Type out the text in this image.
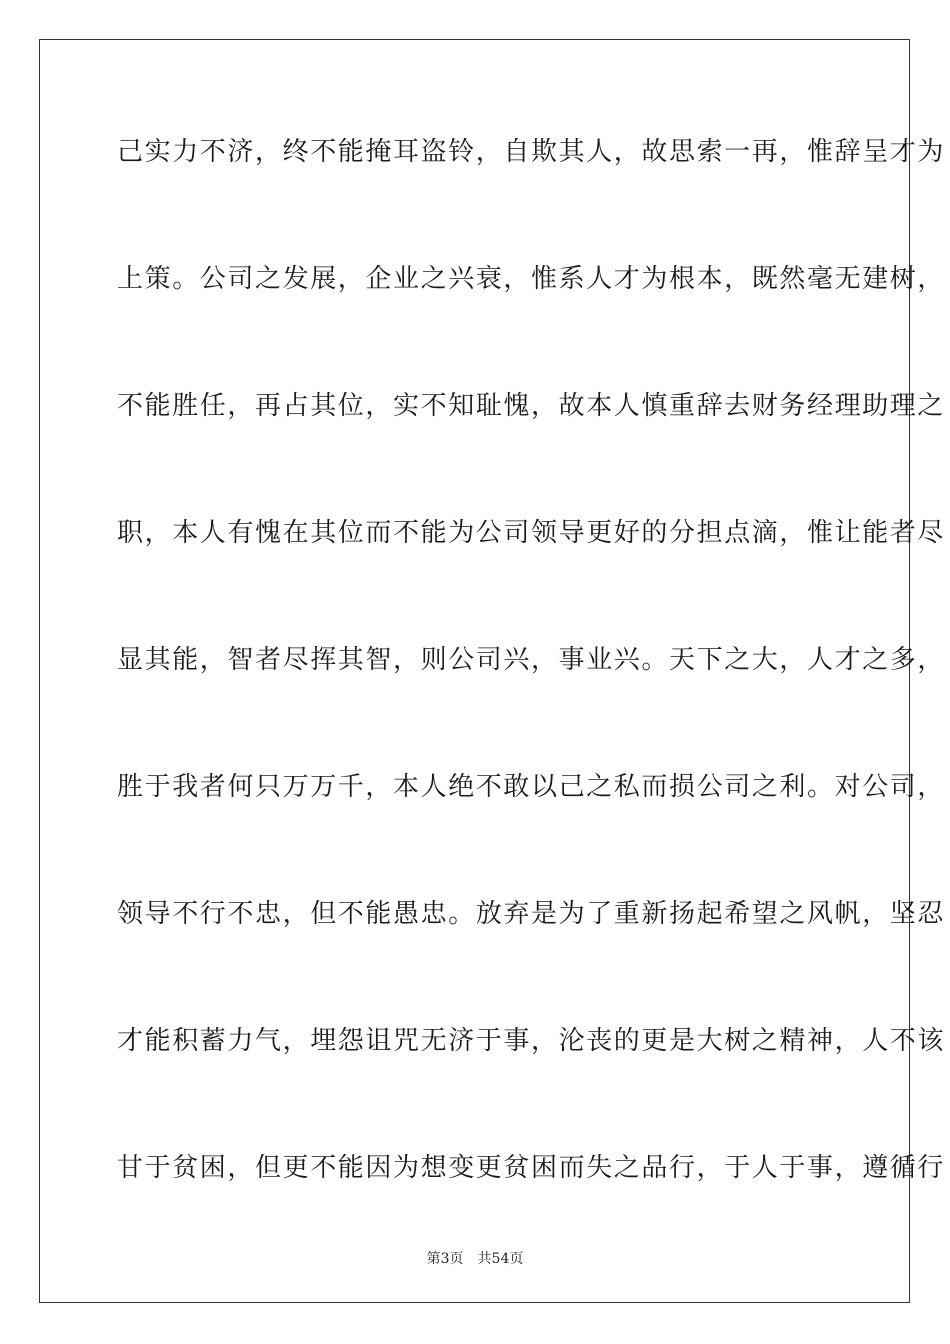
己实力不济，终不能掩耳盗铃，自欺其人，故思索一再，惟辞呈才为
上策。公司之发展，企业之兴衰，惟系人才为根本，既然毫无建树，
不能胜任，再占其位，实不知耻愧，故本人慎重辞去财务经理助理之
职，本人有愧在其位而不能为公司领导更好的分担点滴，惟让能者尽
显其能，智者尽挥其智，则公司兴，事业兴。天下之大，人才之多，
胜于我者何只万万千，本人绝不敢以己之私而损公司之利。对公司，
领导不行不忠，但不能愚忠。放弃是为了重新扬起希望之风帆，坚忍
才能积蓄力气，埋怨诅咒无济于事，沦丧的更是大树之精神，人不该
甘于贫困，但更不能因为想变更贫困而失之品行，于人于事，遵循行
第3页 共54页
